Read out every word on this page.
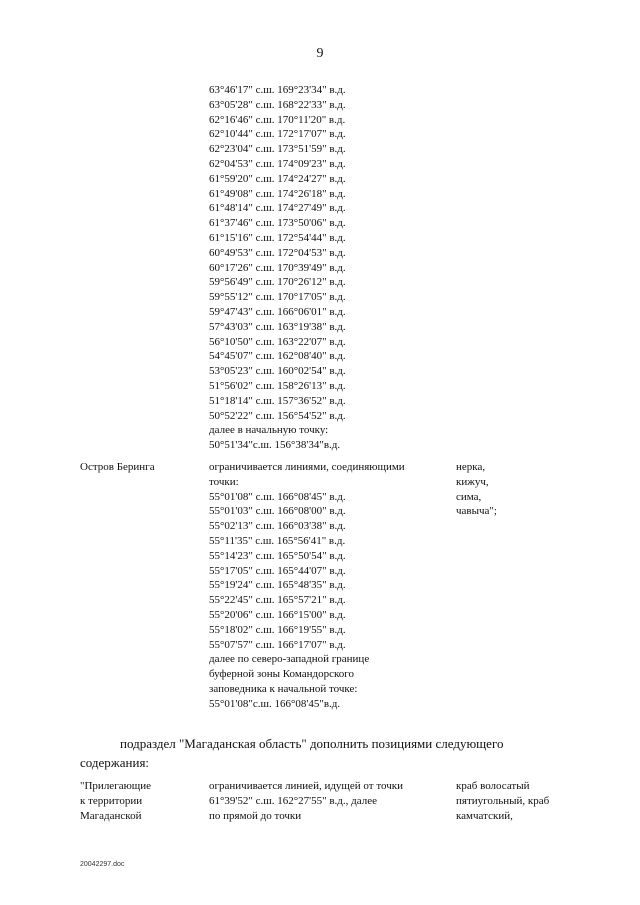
9
63°46'17" с.ш. 169°23'34" в.д.
63°05'28" с.ш. 168°22'33" в.д.
62°16'46" с.ш. 170°11'20" в.д.
62°10'44" с.ш. 172°17'07" в.д.
62°23'04" с.ш. 173°51'59" в.д.
62°04'53" с.ш. 174°09'23" в.д.
61°59'20" с.ш. 174°24'27" в.д.
61°49'08" с.ш. 174°26'18" в.д.
61°48'14" с.ш. 174°27'49" в.д.
61°37'46" с.ш. 173°50'06" в.д.
61°15'16" с.ш. 172°54'44" в.д.
60°49'53" с.ш. 172°04'53" в.д.
60°17'26" с.ш. 170°39'49" в.д.
59°56'49" с.ш. 170°26'12" в.д.
59°55'12" с.ш. 170°17'05" в.д.
59°47'43" с.ш. 166°06'01" в.д.
57°43'03" с.ш. 163°19'38" в.д.
56°10'50" с.ш. 163°22'07" в.д.
54°45'07" с.ш. 162°08'40" в.д.
53°05'23" с.ш. 160°02'54" в.д.
51°56'02" с.ш. 158°26'13" в.д.
51°18'14" с.ш. 157°36'52" в.д.
50°52'22" с.ш. 156°54'52" в.д.
далее в начальную точку:
50°51'34"с.ш. 156°38'34"в.д.
Остров Беринга	ограничивается линиями, соединяющими
точки:
55°01'08" с.ш. 166°08'45" в.д.
55°01'03" с.ш. 166°08'00" в.д.
55°02'13" с.ш. 166°03'38" в.д.
55°11'35" с.ш. 165°56'41" в.д.
55°14'23" с.ш. 165°50'54" в.д.
55°17'05" с.ш. 165°44'07" в.д.
55°19'24" с.ш. 165°48'35" в.д.
55°22'45" с.ш. 165°57'21" в.д.
55°20'06" с.ш. 166°15'00" в.д.
55°18'02" с.ш. 166°19'55" в.д.
55°07'57" с.ш. 166°17'07" в.д.
далее по северо-западной границе
буферной зоны Командорского
заповедника к начальной точке:
55°01'08"с.ш. 166°08'45"в.д.
нерка,
кижуч,
сима,
чавыча";
подраздел "Магаданская область" дополнить позициями следующего
содержания:
"Прилегающие
к территории
Магаданской
ограничивается линией, идущей от точки
61°39'52" с.ш. 162°27'55" в.д., далее
по прямой до точки
краб волосатый
пятиугольный, краб
камчатский,
20042297.doc
